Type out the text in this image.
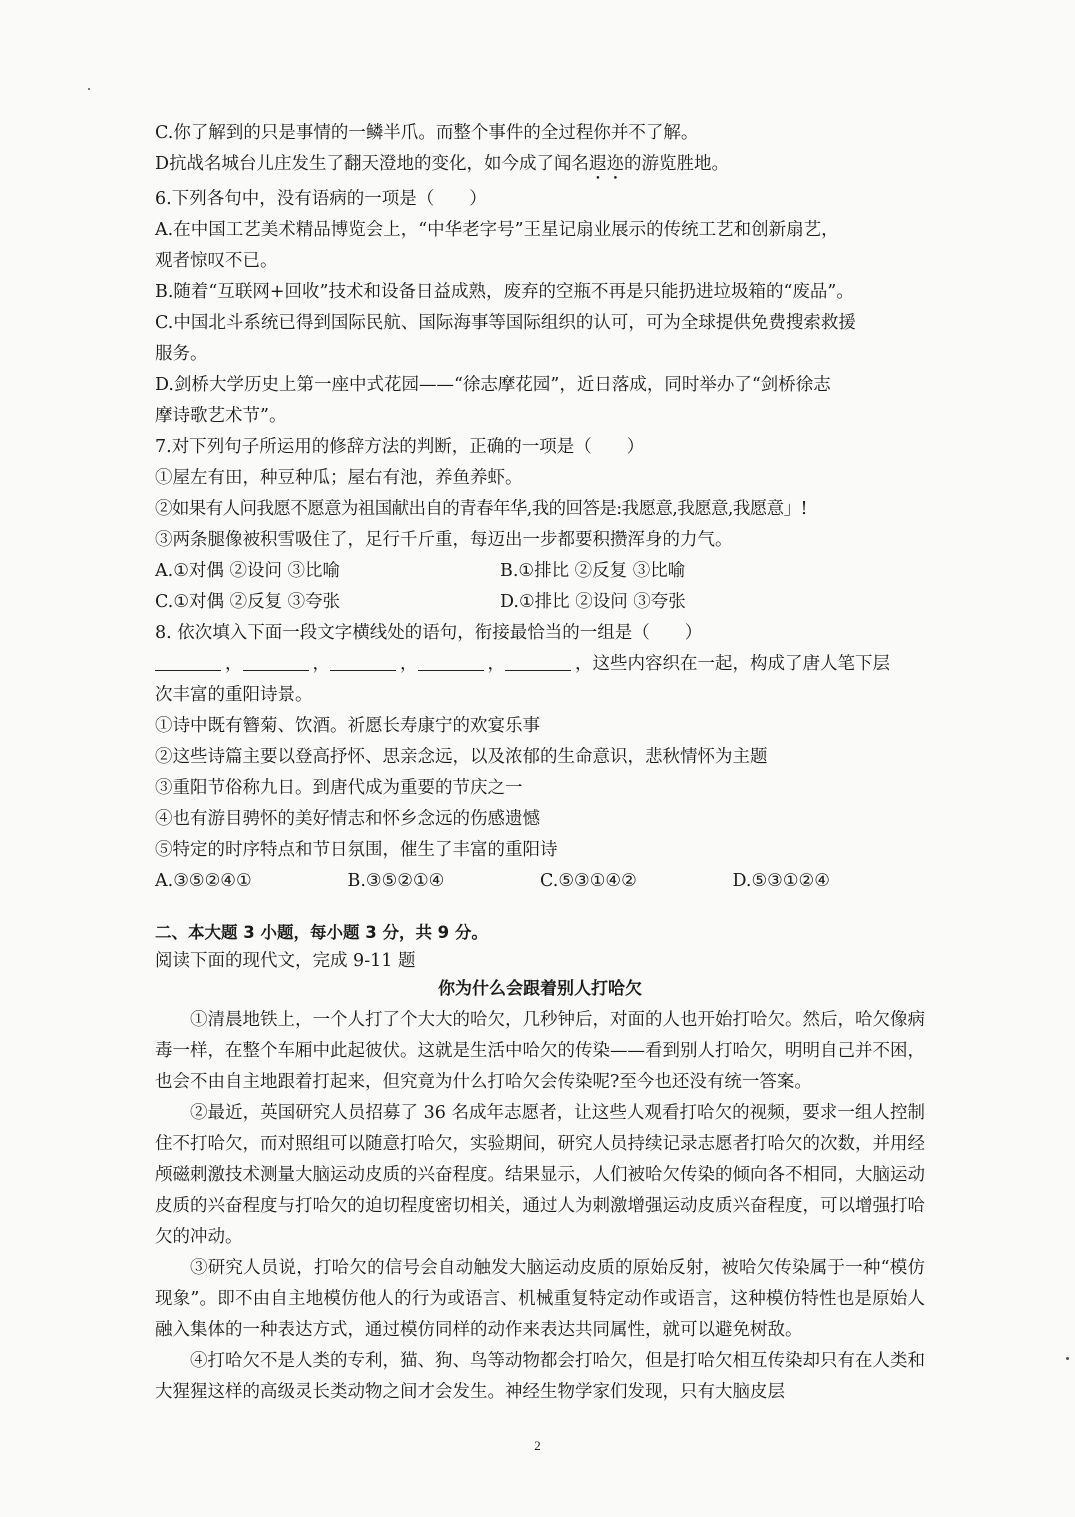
C.你了解到的只是事情的一鳞半爪。而整个事件的全过程你并不了解。
D抗战名城台儿庄发生了翻天澄地的变化，如今成了闻名遐迩的游览胜地。
6.下列各句中，没有语病的一项是（　　）
A.在中国工艺美术精品博览会上，“中华老字号”王星记扇业展示的传统工艺和创新扇艺，
观者惊叹不已。
B.随着“互联网+回收”技术和设备日益成熟，废弃的空瓶不再是只能扔进垃圾箱的“废品”。
C.中国北斗系统已得到国际民航、国际海事等国际组织的认可，可为全球提供免费搜索救援
服务。
D.剑桥大学历史上第一座中式花园——“徐志摩花园”，近日落成，同时举办了“剑桥徐志
摩诗歌艺术节”。
7.对下列句子所运用的修辞方法的判断，正确的一项是（　　）
①屋左有田，种豆种瓜；屋右有池，养鱼养虾。
②如果有人问我愿不愿意为祖国献出自的青春年华,我的回答是:我愿意,我愿意,我愿意」!
③两条腿像被积雪吸住了，足行千斤重，每迈出一步都要积攒浑身的力气。
A.①对偶 ②设问 ③比喻	B.①排比 ②反复 ③比喻
C.①对偶 ②反复 ③夸张	D.①排比 ②设问 ③夸张
8. 依次填入下面一段文字横线处的语句，衔接最恰当的一组是（　　）
，	，	，	，	，这些内容织在一起，构成了唐人笔下层
次丰富的重阳诗景。
①诗中既有簪菊、饮酒。祈愿长寿康宁的欢宴乐事
②这些诗篇主要以登高抒怀、思亲念远，以及浓郁的生命意识，悲秋情怀为主题
③重阳节俗称九日。到唐代成为重要的节庆之一
④也有游目骋怀的美好情志和怀乡念远的伤感遗憾
⑤特定的时序特点和节日氛围，催生了丰富的重阳诗
A.③⑤②④①	B.③⑤②①④	C.⑤③①④②	D.⑤③①②④
二、本大题 3 小题，每小题 3 分，共 9 分。
阅读下面的现代文，完成 9-11 题
你为什么会跟着别人打哈欠
①清晨地铁上，一个人打了个大大的哈欠，几秒钟后，对面的人也开始打哈欠。然后，哈欠像病毒一样，在整个车厢中此起彼伏。这就是生活中哈欠的传染——看到别人打哈欠，明明自己并不困，也会不由自主地跟着打起来，但究竟为什么打哈欠会传染呢?至今也还没有统一答案。
②最近，英国研究人员招募了 36 名成年志愿者，让这些人观看打哈欠的视频，要求一组人控制住不打哈欠，而对照组可以随意打哈欠，实验期间，研究人员持续记录志愿者打哈欠的次数，并用经颅磁刺激技术测量大脑运动皮质的兴奋程度。结果显示，人们被哈欠传染的倾向各不相同，大脑运动皮质的兴奋程度与打哈欠的迫切程度密切相关，通过人为刺激增强运动皮质兴奋程度，可以增强打哈欠的冲动。
③研究人员说，打哈欠的信号会自动触发大脑运动皮质的原始反射，被哈欠传染属于一种“模仿现象”。即不由自主地模仿他人的行为或语言、机械重复特定动作或语言，这种模仿特性也是原始人融入集体的一种表达方式，通过模仿同样的动作来表达共同属性，就可以避免树敌。
④打哈欠不是人类的专利，猫、狗、鸟等动物都会打哈欠，但是打哈欠相互传染却只有在人类和大猩猩这样的高级灵长类动物之间才会发生。神经生物学家们发现，只有大脑皮层
2
